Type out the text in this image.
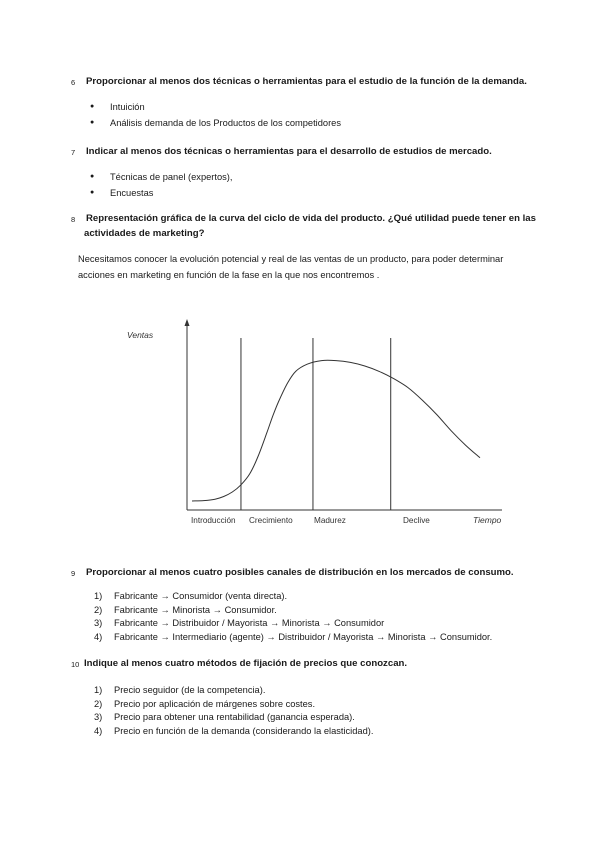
6	Proporcionar al menos dos técnicas o herramientas para el estudio de la función de la demanda.
● Intuición
● Análisis demanda de los Productos de los competidores
7	Indicar al menos dos técnicas o herramientas para el desarrollo de estudios de mercado.
● Técnicas de panel (expertos),
● Encuestas
8	Representación gráfica de la curva del ciclo de vida del producto. ¿Qué utilidad puede tener en las
actividades de marketing?
Necesitamos conocer la evolución potencial y real de las ventas de un producto, para poder determinar
acciones en marketing en función de la fase en la que nos encontremos .
Ventas
Tiempo
Introducción Crecimiento	Madurez	Declive
9	Proporcionar al menos cuatro posibles canales de distribución en los mercados de consumo.
1)	Fabricante → Consumidor (venta directa).
2)	Fabricante → Minorista → Consumidor.
3)	Fabricante → Distribuidor / Mayorista → Minorista → Consumidor
4)	Fabricante → Intermediario (agente) → Distribuidor / Mayorista → Minorista → Consumidor.
10 Indique al menos cuatro métodos de fijación de precios que conozcan.
1)	Precio seguidor (de la competencia).
2)	Precio por aplicación de márgenes sobre costes.
3)	Precio para obtener una rentabilidad (ganancia esperada).
4)	Precio en función de la demanda (considerando la elasticidad).
